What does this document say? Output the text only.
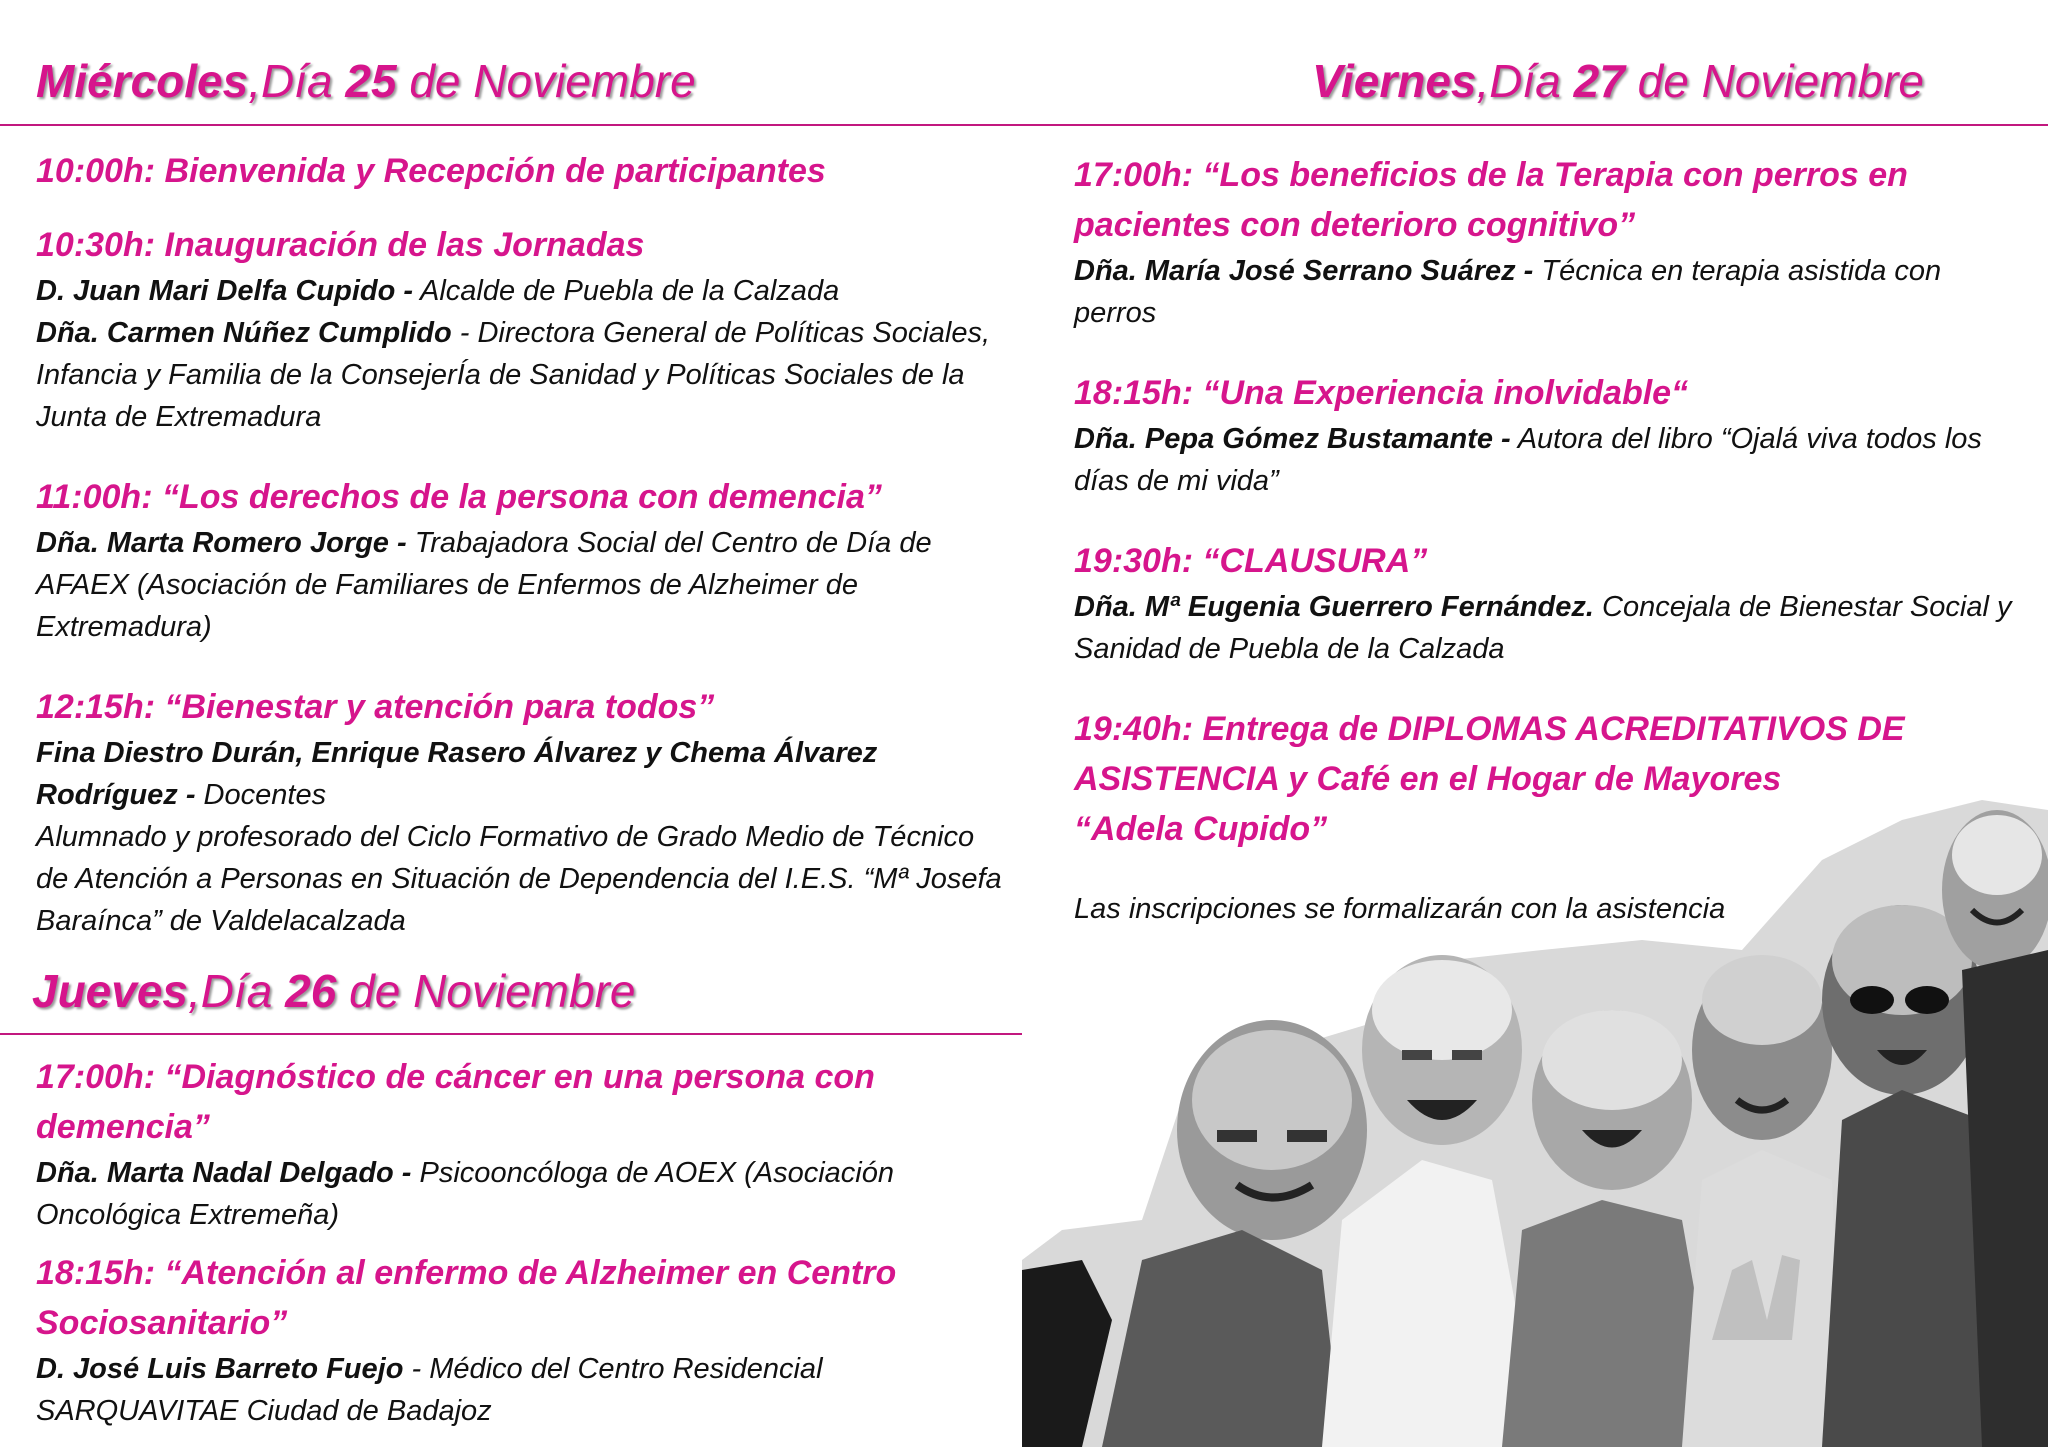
Miércoles,Día 25 de Noviembre	Viernes,Día 27 de Noviembre

10:00h: Bienvenida y Recepción de participantes

10:30h: Inauguración de las Jornadas

D. Juan Mari Delfa Cupido - Alcalde de Puebla de la Calzada

Dña. Carmen Núñez Cumplido - Directora General de Políticas Sociales, Infancia y Familia de la ConsejerÍa de Sanidad y Políticas Sociales de la Junta de Extremadura

11:00h: “Los derechos de la persona con demencia”

Dña. Marta Romero Jorge - Trabajadora Social del Centro de Día de AFAEX (Asociación de Familiares de Enfermos de Alzheimer de Extremadura)

12:15h: “Bienestar y atención para todos”

Fina Diestro Durán, Enrique Rasero Álvarez y Chema Álvarez Rodríguez - Docentes

Alumnado y profesorado del Ciclo Formativo de Grado Medio de Técnico de Atención a Personas en Situación de Dependencia del I.E.S. “Mª Josefa Baraínca” de Valdelacalzada

Jueves,Día 26 de Noviembre

17:00h: “Diagnóstico de cáncer en una persona con demencia”

Dña. Marta Nadal Delgado - Psicooncóloga de AOEX (Asociación Oncológica Extremeña)

18:15h: “Atención al enfermo de Alzheimer en Centro Sociosanitario”

D. José Luis Barreto Fuejo - Médico del Centro Residencial SARQUAVITAE Ciudad de Badajoz

17:00h: “Los beneficios de la Terapia con perros en pacientes con deterioro cognitivo”

Dña. María José Serrano Suárez - Técnica en terapia asistida con perros

18:15h: “Una Experiencia inolvidable“

Dña. Pepa Gómez Bustamante - Autora del libro “Ojalá viva todos los días de mi vida”

19:30h: “CLAUSURA”

Dña. Mª Eugenia Guerrero Fernández. Concejala de Bienestar Social y Sanidad de Puebla de la Calzada

19:40h: Entrega de DIPLOMAS ACREDITATIVOS DE ASISTENCIA y Café en el Hogar de Mayores

“Adela Cupido”

Las inscripciones se formalizarán con la asistencia
